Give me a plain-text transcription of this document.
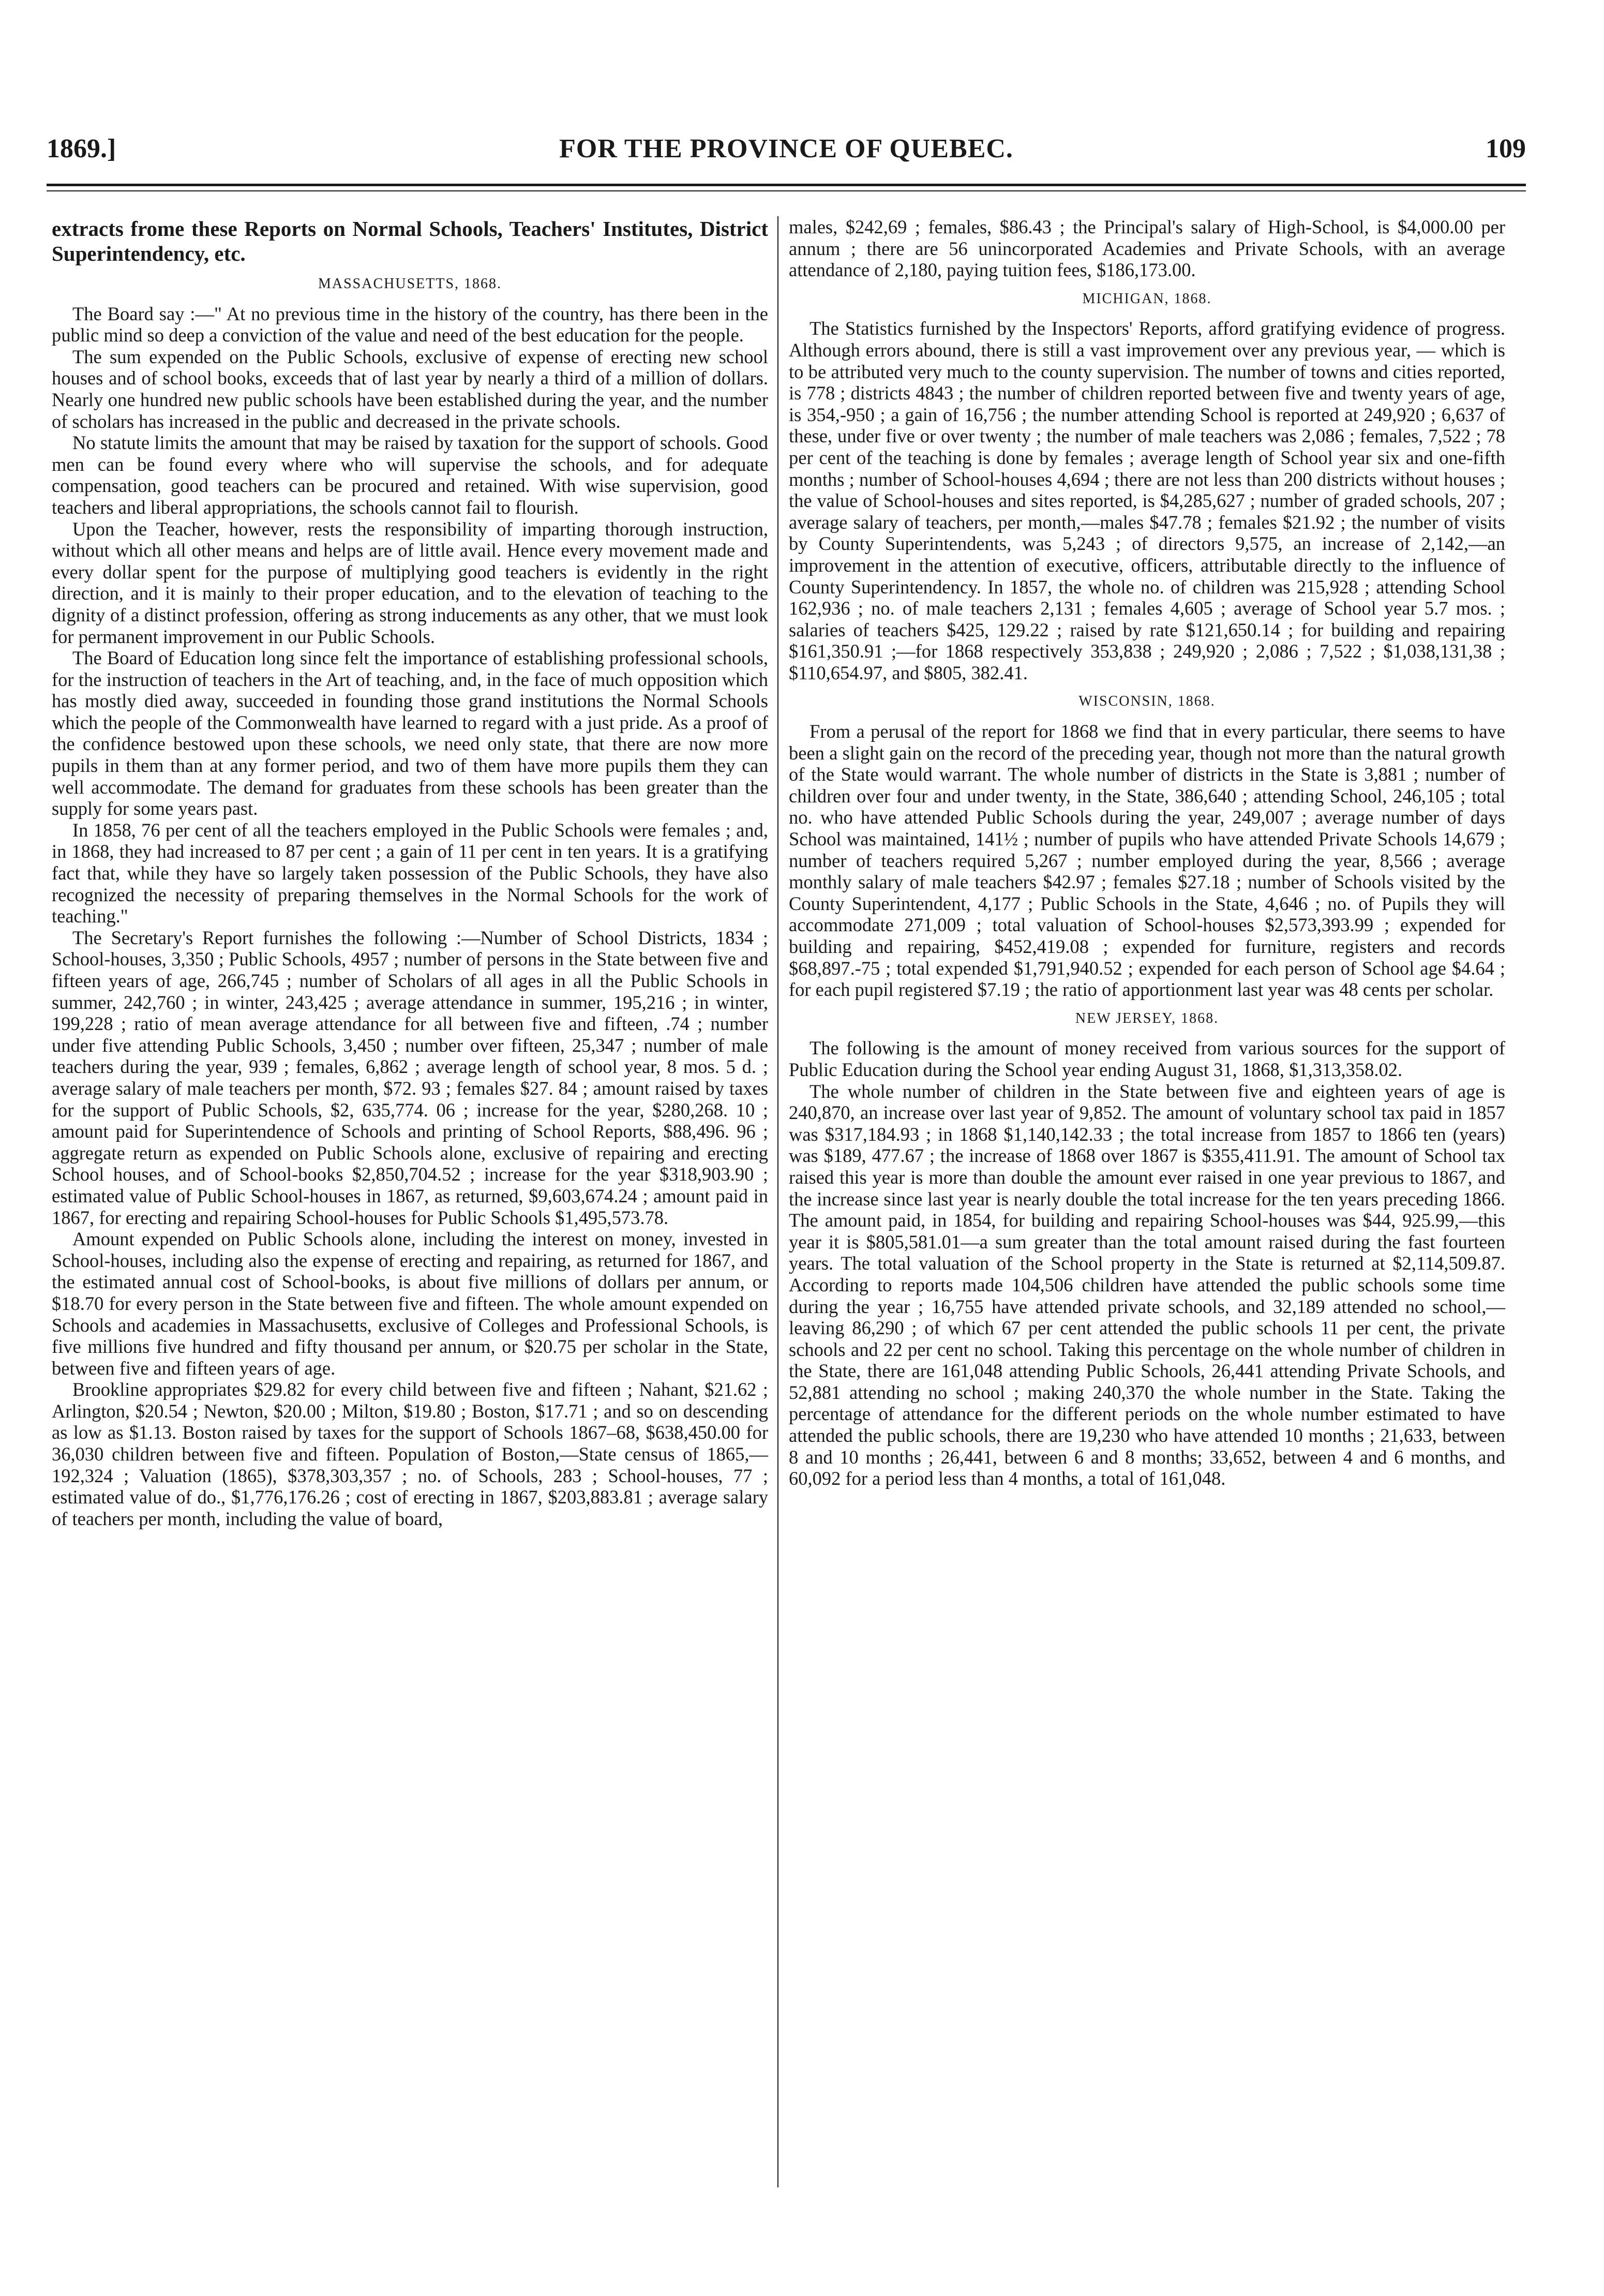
1869.]	FOR THE PROVINCE OF QUEBEC.	109

extracts frome these Reports on Normal Schools, Teachers' Institutes, District Superintendency, etc.

MASSACHUSETTS, 1868.

The Board say :—" At no previous time in the history of the country, has there been in the public mind so deep a conviction of the value and need of the best education for the people.

The sum expended on the Public Schools, exclusive of expense of erecting new school houses and of school books, exceeds that of last year by nearly a third of a million of dollars. Nearly one hundred new public schools have been established during the year, and the number of scholars has increased in the public and decreased in the private schools.

No statute limits the amount that may be raised by taxation for the support of schools. Good men can be found every where who will supervise the schools, and for adequate compensation, good teachers can be procured and retained. With wise supervision, good teachers and liberal appropriations, the schools cannot fail to flourish.

Upon the Teacher, however, rests the responsibility of imparting thorough instruction, without which all other means and helps are of little avail. Hence every movement made and every dollar spent for the purpose of multiplying good teachers is evidently in the right direction, and it is mainly to their proper education, and to the elevation of teaching to the dignity of a distinct profession, offering as strong inducements as any other, that we must look for permanent improvement in our Public Schools.

The Board of Education long since felt the importance of establishing professional schools, for the instruction of teachers in the Art of teaching, and, in the face of much opposition which has mostly died away, succeeded in founding those grand institutions the Normal Schools which the people of the Commonwealth have learned to regard with a just pride. As a proof of the confidence bestowed upon these schools, we need only state, that there are now more pupils in them than at any former period, and two of them have more pupils them they can well accommodate. The demand for graduates from these schools has been greater than the supply for some years past.

In 1858, 76 per cent of all the teachers employed in the Public Schools were females ; and, in 1868, they had increased to 87 per cent ; a gain of 11 per cent in ten years. It is a gratifying fact that, while they have so largely taken possession of the Public Schools, they have also recognized the necessity of preparing themselves in the Normal Schools for the work of teaching."

The Secretary's Report furnishes the following :—Number of School Districts, 1834 ; School-houses, 3,350 ; Public Schools, 4957 ; number of persons in the State between five and fifteen years of age, 266,745 ; number of Scholars of all ages in all the Public Schools in summer, 242,760 ; in winter, 243,425 ; average attendance in summer, 195,216 ; in winter, 199,228 ; ratio of mean average attendance for all between five and fifteen, .74 ; number under five attending Public Schools, 3,450 ; number over fifteen, 25,347 ; number of male teachers during the year, 939 ; females, 6,862 ; average length of school year, 8 mos. 5 d. ; average salary of male teachers per month, $72. 93 ; females $27. 84 ; amount raised by taxes for the support of Public Schools, $2, 635,774. 06 ; increase for the year, $280,268. 10 ; amount paid for Superintendence of Schools and printing of School Reports, $88,496. 96 ; aggregate return as expended on Public Schools alone, exclusive of repairing and erecting School houses, and of School-books $2,850,704.52 ; increase for the year $318,903.90 ; estimated value of Public School-houses in 1867, as returned, $9,603,674.24 ; amount paid in 1867, for erecting and repairing School-houses for Public Schools $1,495,573.78.

Amount expended on Public Schools alone, including the interest on money, invested in School-houses, including also the expense of erecting and repairing, as returned for 1867, and the estimated annual cost of School-books, is about five millions of dollars per annum, or $18.70 for every person in the State between five and fifteen. The whole amount expended on Schools and academies in Massachusetts, exclusive of Colleges and Professional Schools, is five millions five hundred and fifty thousand per annum, or $20.75 per scholar in the State, between five and fifteen years of age.

Brookline appropriates $29.82 for every child between five and fifteen ; Nahant, $21.62 ; Arlington, $20.54 ; Newton, $20.00 ; Milton, $19.80 ; Boston, $17.71 ; and so on descending as low as $1.13. Boston raised by taxes for the support of Schools 1867–68, $638,450.00 for 36,030 children between five and fifteen. Population of Boston,—State census of 1865,—192,324 ; Valuation (1865), $378,303,357 ; no. of Schools, 283 ; School-houses, 77 ; estimated value of do., $1,776,176.26 ; cost of erecting in 1867, $203,883.81 ; average salary of teachers per month, including the value of board,

males, $242,69 ; females, $86.43 ; the Principal's salary of High-School, is $4,000.00 per annum ; there are 56 unincorporated Academies and Private Schools, with an average attendance of 2,180, paying tuition fees, $186,173.00.

MICHIGAN, 1868.

The Statistics furnished by the Inspectors' Reports, afford gratifying evidence of progress. Although errors abound, there is still a vast improvement over any previous year, — which is to be attributed very much to the county supervision. The number of towns and cities reported, is 778 ; districts 4843 ; the number of children reported between five and twenty years of age, is 354,-950 ; a gain of 16,756 ; the number attending School is reported at 249,920 ; 6,637 of these, under five or over twenty ; the number of male teachers was 2,086 ; females, 7,522 ; 78 per cent of the teaching is done by females ; average length of School year six and one-fifth months ; number of School-houses 4,694 ; there are not less than 200 districts without houses ; the value of School-houses and sites reported, is $4,285,627 ; number of graded schools, 207 ; average salary of teachers, per month,—males $47.78 ; females $21.92 ; the number of visits by County Superintendents, was 5,243 ; of directors 9,575, an increase of 2,142,—an improvement in the attention of executive, officers, attributable directly to the influence of County Superintendency. In 1857, the whole no. of children was 215,928 ; attending School 162,936 ; no. of male teachers 2,131 ; females 4,605 ; average of School year 5.7 mos. ; salaries of teachers $425, 129.22 ; raised by rate $121,650.14 ; for building and repairing $161,350.91 ;—for 1868 respectively 353,838 ; 249,920 ; 2,086 ; 7,522 ; $1,038,131,38 ; $110,654.97, and $805, 382.41.

WISCONSIN, 1868.

From a perusal of the report for 1868 we find that in every particular, there seems to have been a slight gain on the record of the preceding year, though not more than the natural growth of the State would warrant. The whole number of districts in the State is 3,881 ; number of children over four and under twenty, in the State, 386,640 ; attending School, 246,105 ; total no. who have attended Public Schools during the year, 249,007 ; average number of days School was maintained, 141½ ; number of pupils who have attended Private Schools 14,679 ; number of teachers required 5,267 ; number employed during the year, 8,566 ; average monthly salary of male teachers $42.97 ; females $27.18 ; number of Schools visited by the County Superintendent, 4,177 ; Public Schools in the State, 4,646 ; no. of Pupils they will accommodate 271,009 ; total valuation of School-houses $2,573,393.99 ; expended for building and repairing, $452,419.08 ; expended for furniture, registers and records $68,897.-75 ; total expended $1,791,940.52 ; expended for each person of School age $4.64 ; for each pupil registered $7.19 ; the ratio of apportionment last year was 48 cents per scholar.

NEW JERSEY, 1868.

The following is the amount of money received from various sources for the support of Public Education during the School year ending August 31, 1868, $1,313,358.02.

The whole number of children in the State between five and eighteen years of age is 240,870, an increase over last year of 9,852. The amount of voluntary school tax paid in 1857 was $317,184.93 ; in 1868 $1,140,142.33 ; the total increase from 1857 to 1866 ten (years) was $189, 477.67 ; the increase of 1868 over 1867 is $355,411.91. The amount of School tax raised this year is more than double the amount ever raised in one year previous to 1867, and the increase since last year is nearly double the total increase for the ten years preceding 1866. The amount paid, in 1854, for building and repairing School-houses was $44, 925.99,—this year it is $805,581.01—a sum greater than the total amount raised during the fast fourteen years. The total valuation of the School property in the State is returned at $2,114,509.87. According to reports made 104,506 children have attended the public schools some time during the year ; 16,755 have attended private schools, and 32,189 attended no school,—leaving 86,290 ; of which 67 per cent attended the public schools 11 per cent, the private schools and 22 per cent no school. Taking this percentage on the whole number of children in the State, there are 161,048 attending Public Schools, 26,441 attending Private Schools, and 52,881 attending no school ; making 240,370 the whole number in the State. Taking the percentage of attendance for the different periods on the whole number estimated to have attended the public schools, there are 19,230 who have attended 10 months ; 21,633, between 8 and 10 months ; 26,441, between 6 and 8 months; 33,652, between 4 and 6 months, and 60,092 for a period less than 4 months, a total of 161,048.
